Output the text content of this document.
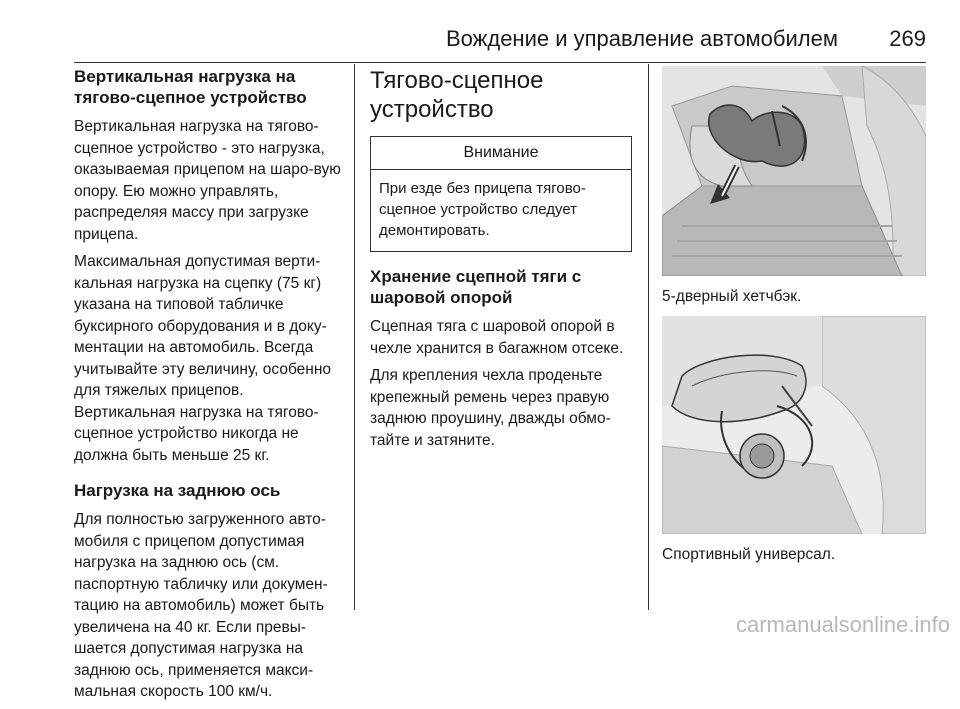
Вождение и управление автомобилем 269
Вертикальная нагрузка на тягово-сцепное устройство

Вертикальная нагрузка на тягово-сцепное устройство - это нагрузка, оказываемая прицепом на шаро-вую опору. Ею можно управлять, распределяя массу при загрузке прицепа.

Максимальная допустимая верти-кальная нагрузка на сцепку (75 кг) указана на типовой табличке буксирного оборудования и в доку-ментации на автомобиль. Всегда учитывайте эту величину, особенно для тяжелых прицепов. Вертикальная нагрузка на тягово-сцепное устройство никогда не должна быть меньше 25 кг.

Нагрузка на заднюю ось

Для полностью загруженного авто-мобиля с прицепом допустимая нагрузка на заднюю ось (см. паспортную табличку или докумен-тацию на автомобиль) может быть увеличена на 40 кг. Если превы-шается допустимая нагрузка на заднюю ось, применяется макси-мальная скорость 100 км/ч.

Тягово-сцепное устройство
Внимание
При езде без прицепа тягово-сцепное устройство следует демонтировать.
Хранение сцепной тяги с шаровой опорой

Сцепная тяга с шаровой опорой в чехле хранится в багажном отсеке.

Для крепления чехла проденьте крепежный ремень через правую заднюю проушину, дважды обмо-тайте и затяните.

5-дверный хетчбэк.
Спортивный универсал.
carmanualsonline.info
